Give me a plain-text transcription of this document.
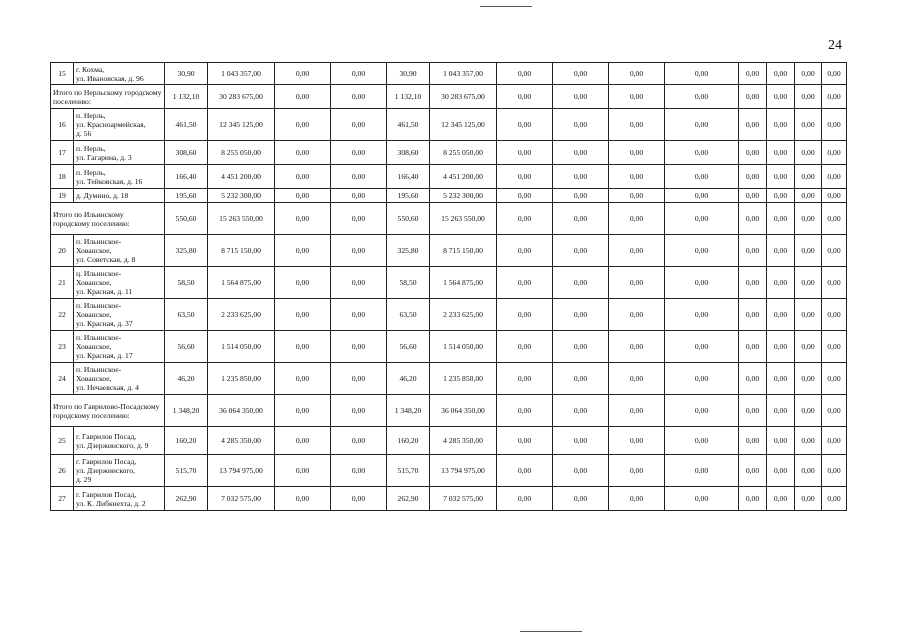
24
15	г. Кохма,
ул. Ивановская, д. 96	30,90	1 043 357,00	0,00	0,00	30,90	1 043 357,00	0,00	0,00	0,00	0,00	0,00	0,00	0,00	0,00
Итого по Нерльскому городскому поселению:		1 132,10	30 283 675,00	0,00	0,00	1 132,10	30 283 675,00	0,00	0,00	0,00	0,00	0,00	0,00	0,00	0,00
16	п. Нерль,
ул. Красноармейская,
д. 56	461,50	12 345 125,00	0,00	0,00	461,50	12 345 125,00	0,00	0,00	0,00	0,00	0,00	0,00	0,00	0,00
17	п. Нерль,
ул. Гагарина, д. 3	308,60	8 255 050,00	0,00	0,00	308,60	8 255 050,00	0,00	0,00	0,00	0,00	0,00	0,00	0,00	0,00
18	п. Нерль,
ул. Тейковская, д. 16	166,40	4 451 200,00	0,00	0,00	166,40	4 451 200,00	0,00	0,00	0,00	0,00	0,00	0,00	0,00	0,00
19	д. Думино, д. 18	195,60	5 232 300,00	0,00	0,00	195,60	5 232 300,00	0,00	0,00	0,00	0,00	0,00	0,00	0,00	0,00
Итого по Ильинскому городскому поселению:		550,60	15 263 550,00	0,00	0,00	550,60	15 263 550,00	0,00	0,00	0,00	0,00	0,00	0,00	0,00	0,00
20	п. Ильинское-
Хованское,
ул. Советская, д. 8	325,80	8 715 150,00	0,00	0,00	325,80	8 715 150,00	0,00	0,00	0,00	0,00	0,00	0,00	0,00	0,00
21	ц. Ильинское-
Хованское,
ул. Красная, д. 11	58,50	1 564 875,00	0,00	0,00	58,50	1 564 875,00	0,00	0,00	0,00	0,00	0,00	0,00	0,00	0,00
22	п. Ильинское-
Хованское,
ул. Красная, д. 37	63,50	2 233 625,00	0,00	0,00	63,50	2 233 625,00	0,00	0,00	0,00	0,00	0,00	0,00	0,00	0,00
23	п. Ильинское-
Хованское,
ул. Красная, д. 17	56,60	1 514 050,00	0,00	0,00	56,60	1 514 050,00	0,00	0,00	0,00	0,00	0,00	0,00	0,00	0,00
24	п. Ильинское-
Хованское,
ул. Нечаевская, д. 4	46,20	1 235 850,00	0,00	0,00	46,20	1 235 850,00	0,00	0,00	0,00	0,00	0,00	0,00	0,00	0,00
Итого по Гаврилово-Посадскому городскому поселению:		1 348,20	36 064 350,00	0,00	0,00	1 348,20	36 064 350,00	0,00	0,00	0,00	0,00	0,00	0,00	0,00	0,00
25	г. Гаврилов Посад,
ул. Дзержинского, д. 9	160,20	4 285 350,00	0,00	0,00	160,20	4 285 350,00	0,00	0,00	0,00	0,00	0,00	0,00	0,00	0,00
26	г. Гаврилов Посад,
ул. Дзержинского,
д. 29	515,70	13 794 975,00	0,00	0,00	515,70	13 794 975,00	0,00	0,00	0,00	0,00	0,00	0,00	0,00	0,00
27	г. Гаврилов Посад,
ул. К. Либкнехта, д. 2	262,90	7 032 575,00	0,00	0,00	262,90	7 032 575,00	0,00	0,00	0,00	0,00	0,00	0,00	0,00	0,00
